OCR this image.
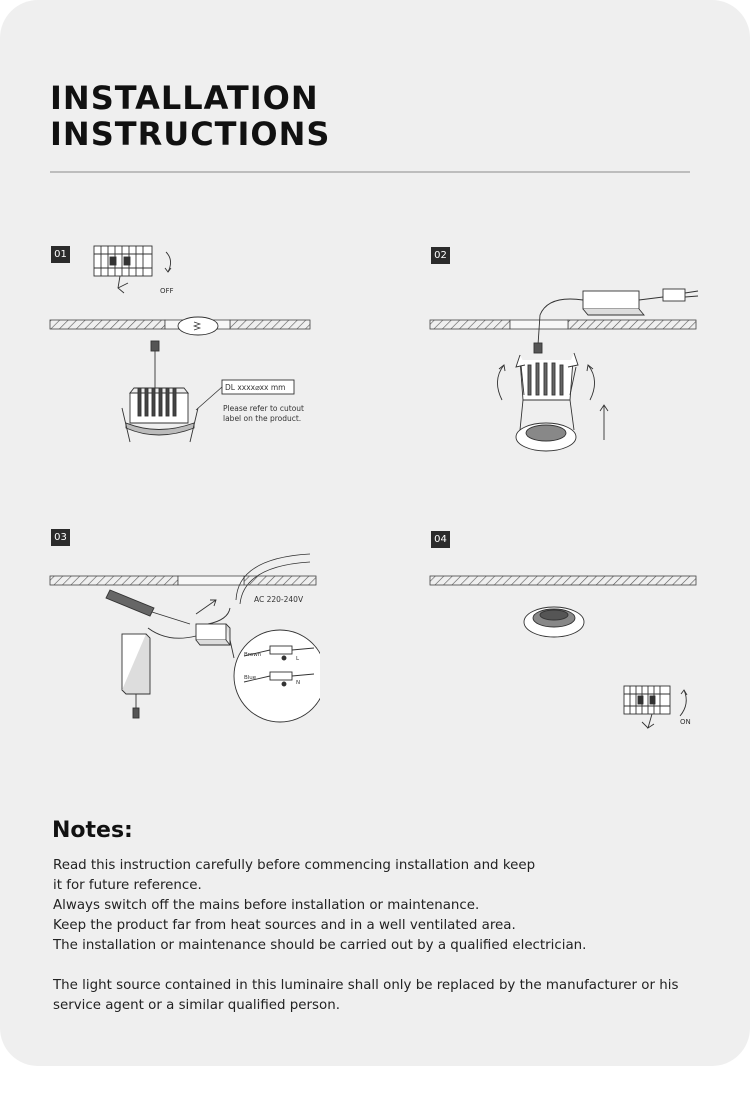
INSTALLATION
INSTRUCTIONS
01
OFF
DL xxxx⌀xx mm
Please refer to cutout
label on the product.
02
03
AC 220-240V
Brown
Blue
L
N
04
ON
Notes:
Read this instruction carefully before commencing installation and keep
it for future reference.
Always switch off the mains before installation or maintenance.
Keep the product far from heat sources and in a well ventilated area.
The installation or maintenance should be carried out by a qualified electrician.
The light source contained in this luminaire shall only be replaced by the manufacturer or his
service agent or a similar qualified person.
